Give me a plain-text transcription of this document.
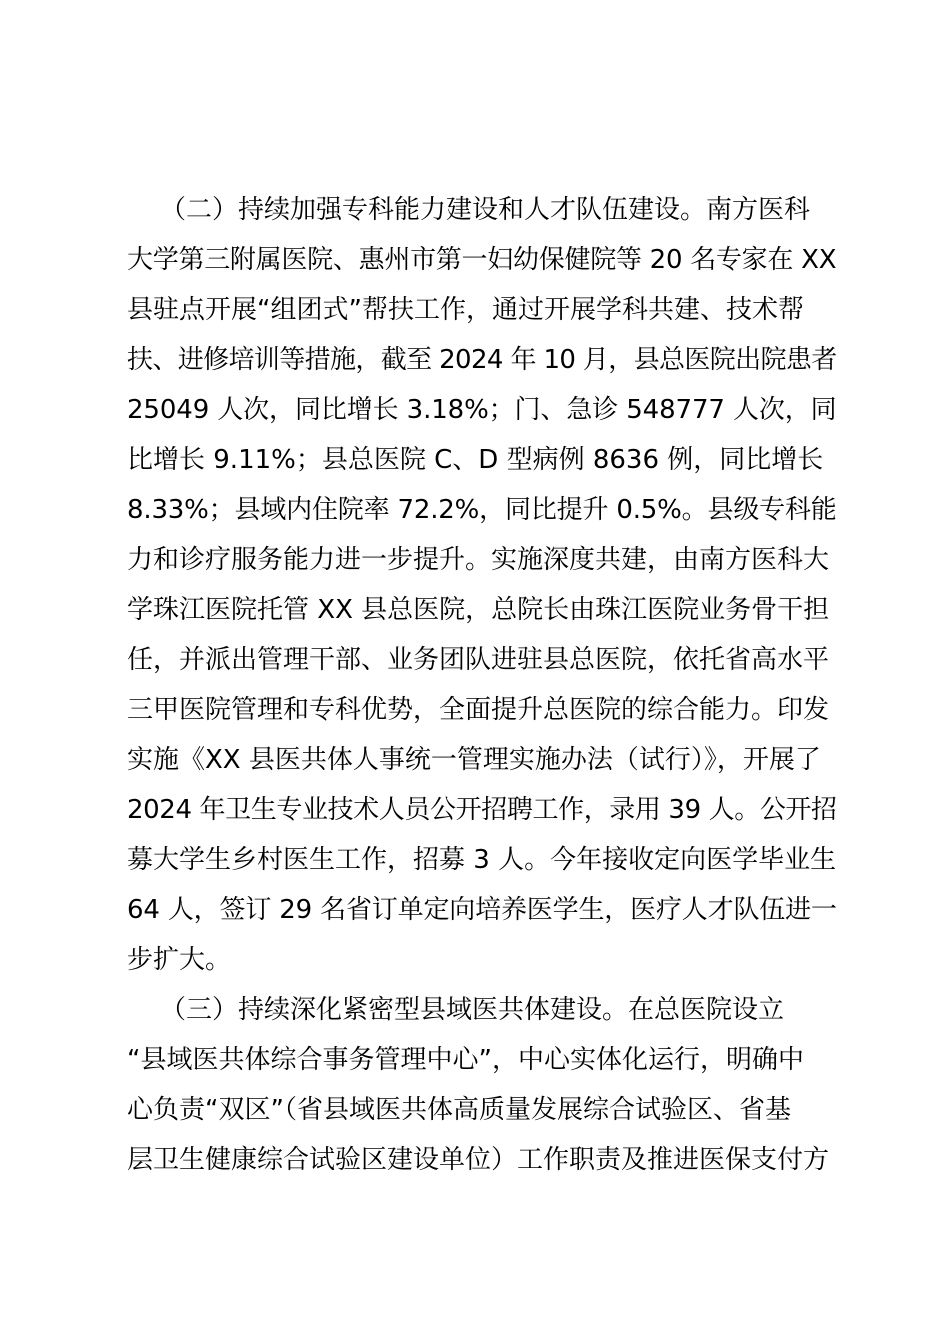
（二）持续加强专科能力建设和人才队伍建设。南方医科
大学第三附属医院、惠州市第一妇幼保健院等 20 名专家在 XX
县驻点开展“组团式”帮扶工作，通过开展学科共建、技术帮
扶、进修培训等措施，截至 2024 年 10 月，县总医院出院患者
25049 人次，同比增长 3.18%；门、急诊 548777 人次，同
比增长 9.11%；县总医院 C、D 型病例 8636 例，同比增长
8.33%；县域内住院率 72.2%，同比提升 0.5%。县级专科能
力和诊疗服务能力进一步提升。实施深度共建，由南方医科大
学珠江医院托管 XX 县总医院，总院长由珠江医院业务骨干担
任，并派出管理干部、业务团队进驻县总医院，依托省高水平
三甲医院管理和专科优势，全面提升总医院的综合能力。印发
实施《XX 县医共体人事统一管理实施办法（试行）》，开展了
2024 年卫生专业技术人员公开招聘工作，录用 39 人。公开招
募大学生乡村医生工作，招募 3 人。今年接收定向医学毕业生
64 人，签订 29 名省订单定向培养医学生，医疗人才队伍进一
步扩大。
（三）持续深化紧密型县域医共体建设。在总医院设立
“县域医共体综合事务管理中心”，中心实体化运行，明确中
心负责“双区”（省县域医共体高质量发展综合试验区、省基
层卫生健康综合试验区建设单位）工作职责及推进医保支付方
